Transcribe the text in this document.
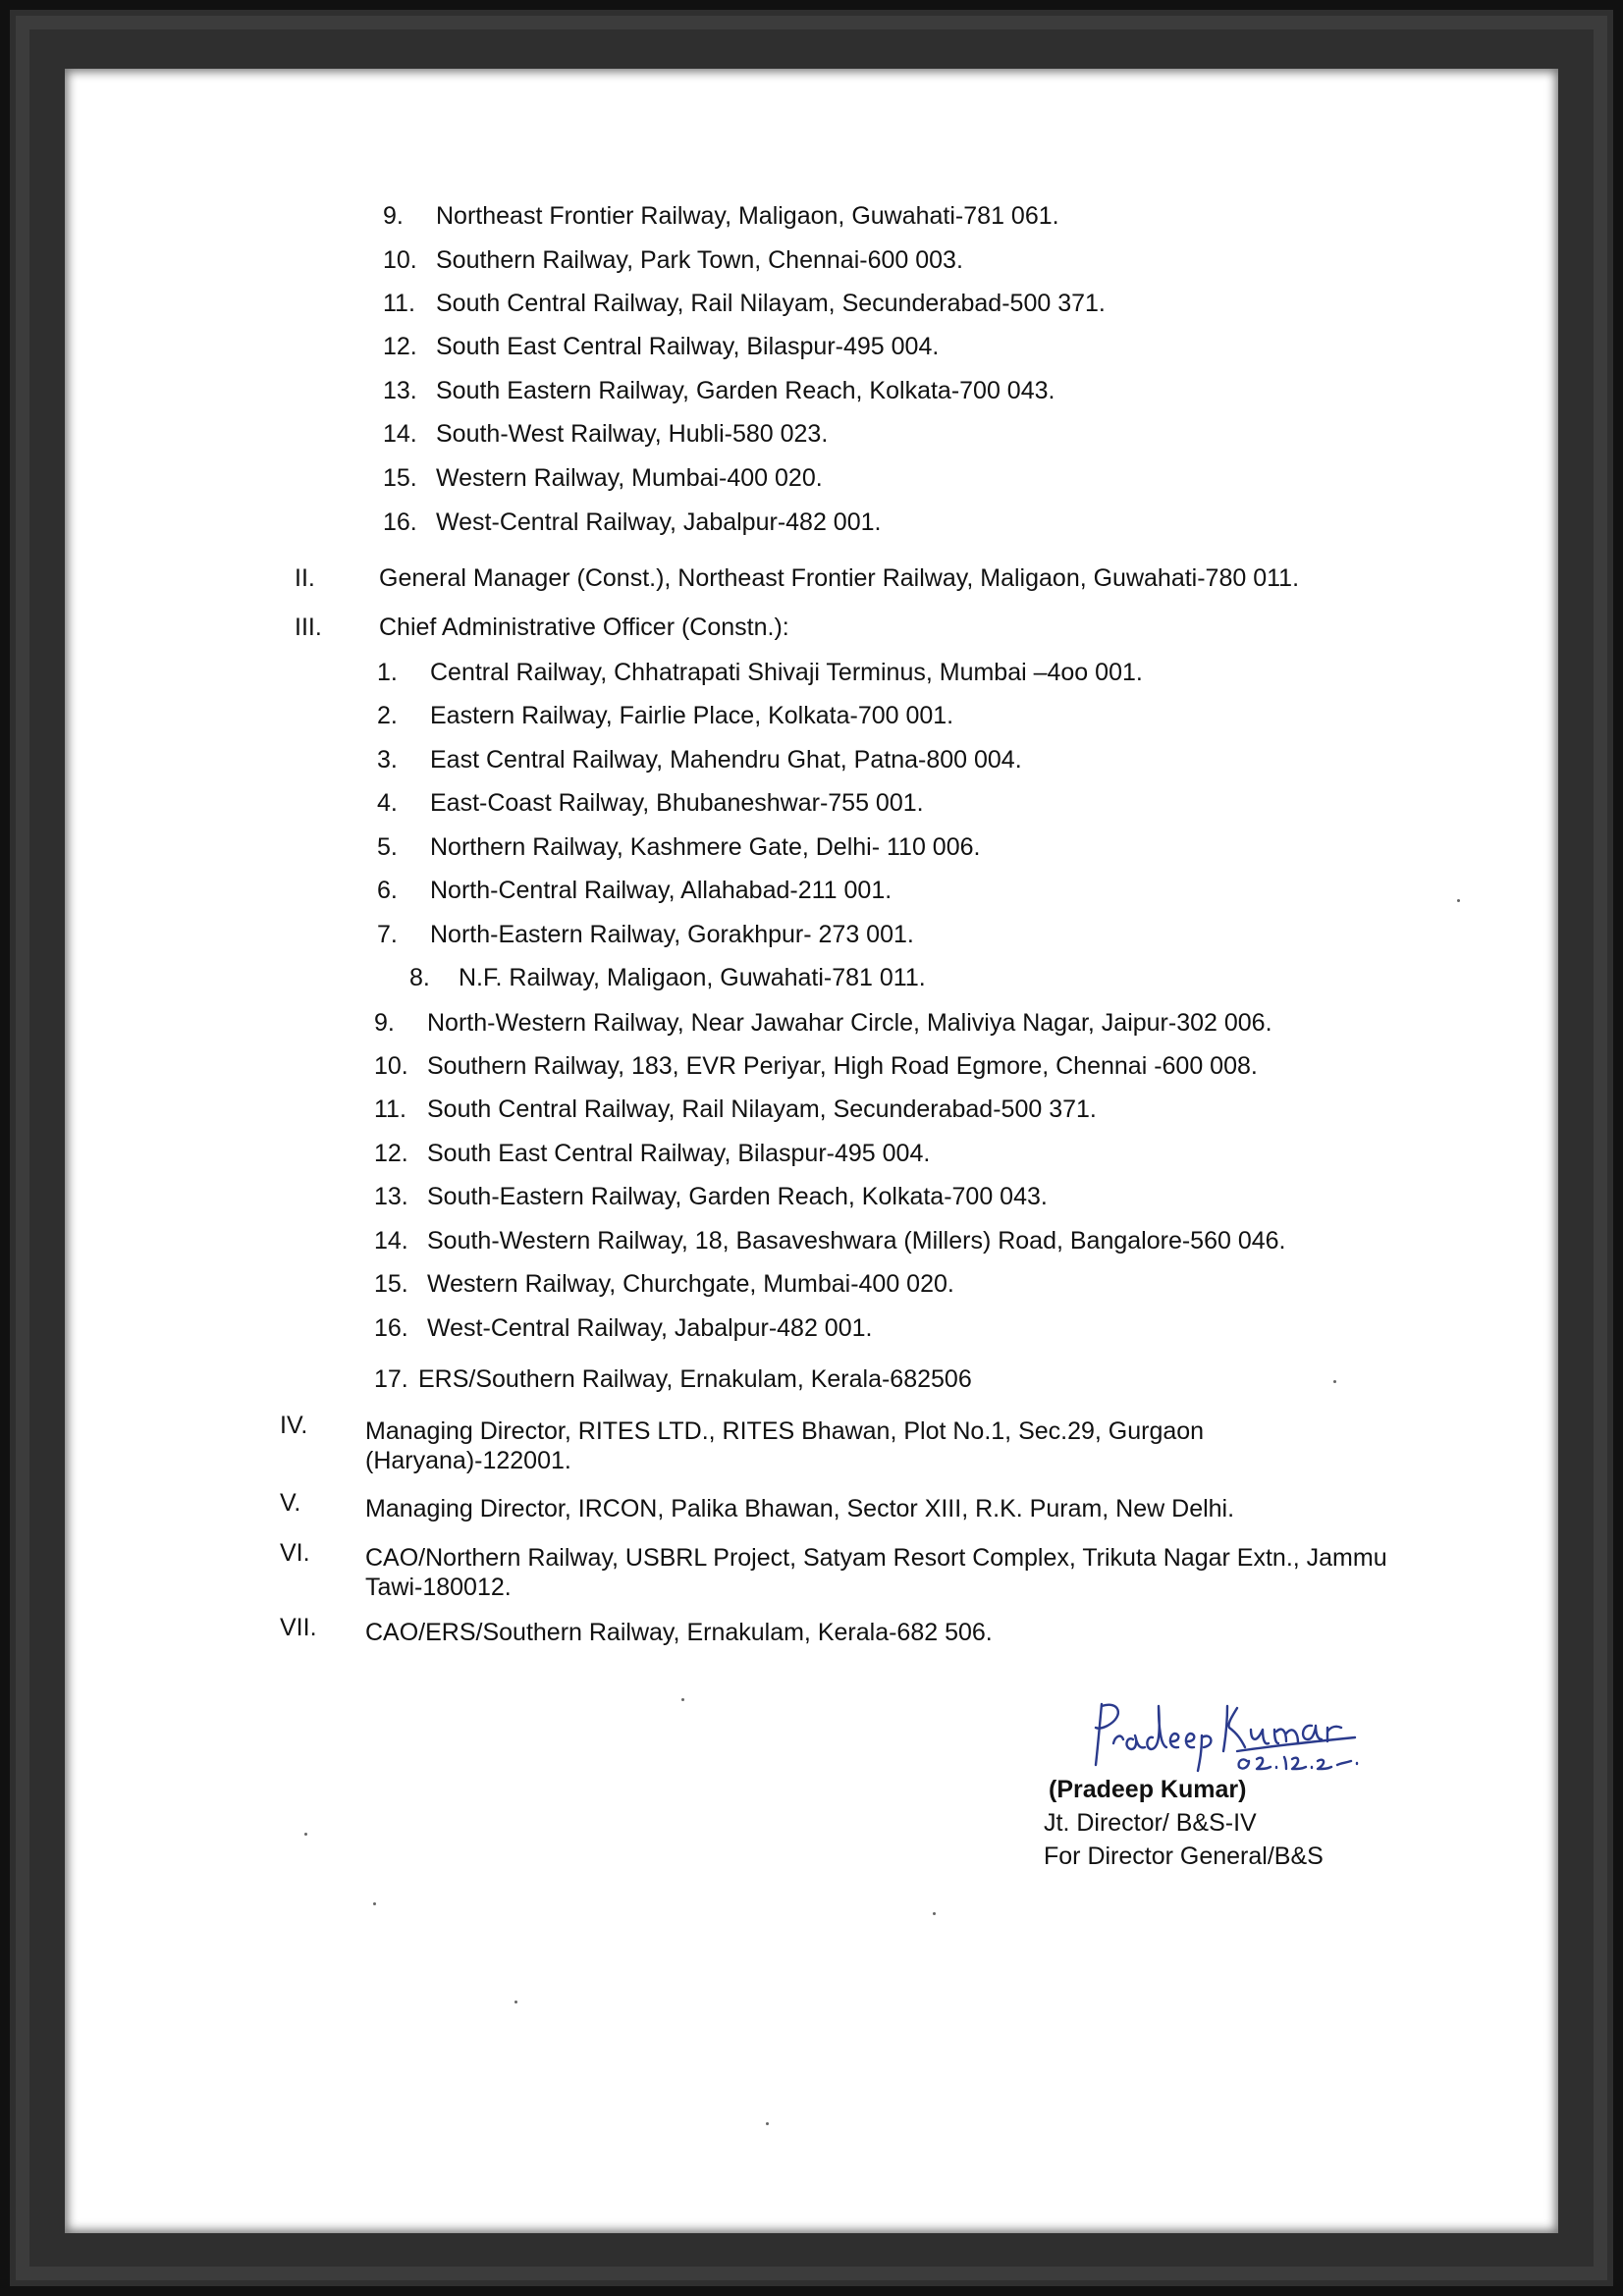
9. Northeast Frontier Railway, Maligaon, Guwahati-781 061.
10. Southern Railway, Park Town, Chennai-600 003.
11. South Central Railway, Rail Nilayam, Secunderabad-500 371.
12. South East Central Railway, Bilaspur-495 004.
13. South Eastern Railway, Garden Reach, Kolkata-700 043.
14. South-West Railway, Hubli-580 023.
15. Western Railway, Mumbai-400 020.
16. West-Central Railway, Jabalpur-482 001.
II.	General Manager (Const.), Northeast Frontier Railway, Maligaon, Guwahati-780 011.
III. Chief Administrative Officer (Constn.):
1. Central Railway, Chhatrapati Shivaji Terminus, Mumbai –4oo 001.
2. Eastern Railway, Fairlie Place, Kolkata-700 001.
3. East Central Railway, Mahendru Ghat, Patna-800 004.
4. East-Coast Railway, Bhubaneshwar-755 001.
5. Northern Railway, Kashmere Gate, Delhi- 110 006.
6. North-Central Railway, Allahabad-211 001.
7. North-Eastern Railway, Gorakhpur- 273 001.
8. N.F. Railway, Maligaon, Guwahati-781 011.
9. North-Western Railway, Near Jawahar Circle, Maliviya Nagar, Jaipur-302 006.
10. Southern Railway, 183, EVR Periyar, High Road Egmore, Chennai -600 008.
11. South Central Railway, Rail Nilayam, Secunderabad-500 371.
12. South East Central Railway, Bilaspur-495 004.
13. South-Eastern Railway, Garden Reach, Kolkata-700 043.
14. South-Western Railway, 18, Basaveshwara (Millers) Road, Bangalore-560 046.
15. Western Railway, Churchgate, Mumbai-400 020.
16. West-Central Railway, Jabalpur-482 001.
17. ERS/Southern Railway, Ernakulam, Kerala-682506
IV. Managing Director, RITES LTD., RITES Bhawan, Plot No.1, Sec.29, Gurgaon (Haryana)-122001.
V.	Managing Director, IRCON, Palika Bhawan, Sector XIII, R.K. Puram, New Delhi.
VI. CAO/Northern Railway, USBRL Project, Satyam Resort Complex, Trikuta Nagar Extn., Jammu Tawi-180012.
VII. CAO/ERS/Southern Railway, Ernakulam, Kerala-682 506.
(Pradeep Kumar)
Jt. Director/ B&S-IV
For Director General/B&S
